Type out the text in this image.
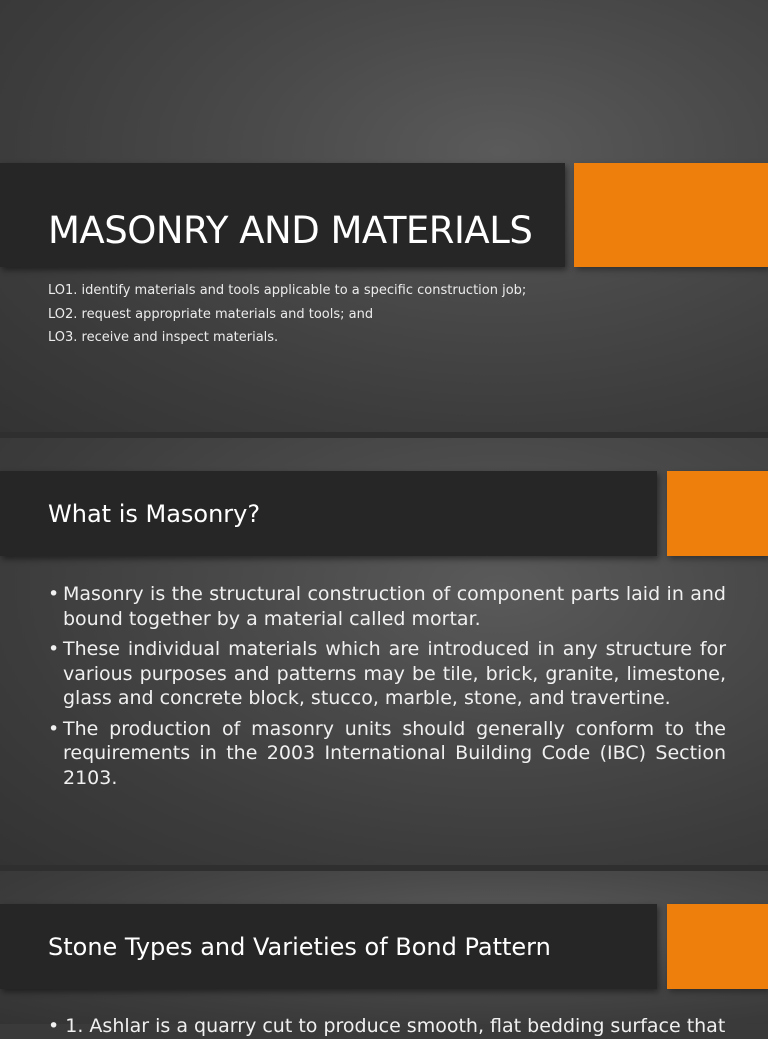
MASONRY AND MATERIALS
LO1. identify materials and tools applicable to a specific construction job;
LO2. request appropriate materials and tools; and
LO3. receive and inspect materials.
What is Masonry?
• Masonry is the structural construction of component parts laid in and bound together by a material called mortar.
• These individual materials which are introduced in any structure for various purposes and patterns may be tile, brick, granite, limestone, glass and concrete block, stucco, marble, stone, and travertine.
• The production of masonry units should generally conform to the requirements in the 2003 International Building Code (IBC) Section 2103.
Stone Types and Varieties of Bond Pattern

• 1. Ashlar is a quarry cut to produce smooth, flat bedding surface that
